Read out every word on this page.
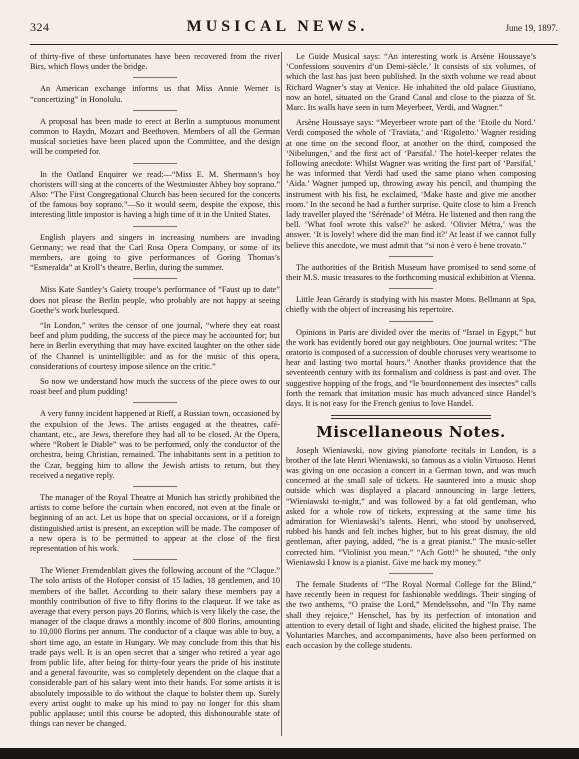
324	MUSICAL NEWS.	June 19, 1897.

of thirty-five of these unfortunates have been recovered from the river Birs, which flows under the bridge.

An American exchange informs us that Miss Annie Werner is “concertizing” in Honolulu.

A proposal has been made to erect at Berlin a sumptuous monument common to Haydn, Mozart and Beethoven. Members of all the German musical societies have been placed upon the Committee, and the design will be competed for.

In the Oatland Enquirer we read:—“Miss E. M. Shermann’s boy choristers will sing at the concerts of the Westminster Abbey boy soprano.” Also: “The First Congregational Church has been secured for the concerts of the famous boy soprano.”—So it would seem, despite the expose, this interesting little impostor is having a high time of it in the United States.

English players and singers in increasing numbers are invading Germany; we read that the Carl Rosa Opera Company, or some of its members, are going to give performances of Goring Thomas’s “Esmeralda” at Kroll’s theatre, Berlin, during the summer.

Miss Kate Santley’s Gaiety troupe’s performance of “Faust up to date” does not please the Berlin people, who probably are not happy at seeing Goethe’s work burlesqued.

“In London,” writes the censor of one journal, “where they eat roast beef and plum pudding, the success of the piece may be accounted for; but here in Berlin everything that may have excited laughter on the other side of the Channel is unintelligible: and as for the music of this opera, considerations of courtesy impose silence on the critic.”

So now we understand how much the success of the piece owes to our roast beef and plum pudding!

A very funny incident happened at Rieff, a Russian town, occasioned by the expulsion of the Jews. The artists engaged at the theatres, café-chantant, etc., are Jews, therefore they had all to be closed. At the Opera, where “Robert le Diable” was to be performed, only the conductor of the orchestra, being Christian, remained. The inhabitants sent in a petition to the Czar, begging him to allow the Jewish artists to return, but they received a negative reply.

The manager of the Royal Theatre at Munich has strictly prohibited the artists to come before the curtain when encored, not even at the finale or beginning of an act. Let us hope that on special occasions, or if a foreign distinguished artist is present, an exception will be made. The composer of a new opera is to be permitted to appear at the close of the first representation of his work.

The Wiener Fremdenblatt gives the following account of the “Claque.” The solo artists of the Hofoper consist of 15 ladies, 18 gentlemen, and 10 members of the ballet. According to their salary these members pay a monthly contribution of five to fifty florins to the claqueur. If we take as average that every person pays 20 florins, which is very likely the case, the manager of the claque draws a monthly income of 800 florins, amounting to 10,000 florins per annum. The conductor of a claque was able to buy, a short time ago, an estate in Hungary. We may conclude from this that his trade pays well. It is an open secret that a singer who retired a year ago from public life, after being for thirty-four years the pride of his institute and a general favourite, was so completely dependent on the claque that a considerable part of his salary went into their hands. For some artists it is absolutely impossible to do without the claque to bolster them up. Surely every artist ought to make up his mind to pay no longer for this sham public applause; until this course be adopted, this dishonourable state of things can never be changed.

Le Guide Musical says: “An interesting work is Arsène Houssaye’s ‘Confessions souvenirs d’un Demi-siècle.’ It consists of six volumes, of which the last has just been published. In the sixth volume we read about Richard Wagner’s stay at Venice. He inhabited the old palace Giustiano, now an hotel, situated on the Grand Canal and close to the piazza of St. Marc. Its walls have seen in turn Meyerbeer, Verdi, and Wagner.”

Arsène Houssaye says: “Meyerbeer wrote part of the ‘Etoile du Nord.’ Verdi composed the whole of ‘Traviata,’ and ‘Rigoletto.’ Wagner residing at one time on the second floor, at another on the third, composed the ‘Nibelungen,’ and the first act of ‘Parsifal.’ The hotel-keeper relates the following anecdote: Whilst Wagner was writing the first part of ‘Parsifal,’ he was informed that Verdi had used the same piano when composing ‘Aida.’ Wagner jumped up, throwing away his pencil, and thumping the instrument with his fist, he exclaimed, ‘Make haste and give me another room.’ In the second he had a further surprise. Quite close to him a French lady traveller played the ‘Sérénade’ of Métra. He listened and then rang the bell. ‘What fool wrote this valse?’ he asked. ‘Olivier Métra,’ was the answer. ‘It is lovely! where did the man find it?’ At least if we cannot fully believe this anecdote, we must admit that “si non è vero è bene trovato.”

The authorities of the British Museum have promised to send some of their M.S. music treasures to the forthcoming musical exhibition at Vienna.

Little Jean Gérardy is studying with his master Mons. Bellmann at Spa, chiefly with the object of increasing his repertoire.

Opinions in Paris are divided over the merits of “Israel in Egypt,” but the work has evidently bored our gay neighbours. One journal writes: “The oratorio is composed of a succession of double choruses very wearisome to hear and lasting two mortal hours.” Another thanks providence that the seventeenth century with its formalism and coldness is past and over. The suggestive hopping of the frogs, and “le bourdonnement des insectes” calls forth the remark that imitation music has much advanced since Handel’s days. It is not easy for the French genius to love Handel.

Miscellaneous Notes.

Joseph Wieniawski, now giving pianoforte recitals in London, is a brother of the late Henri Wieniawski, so famous as a violin Virtuoso. Henri was giving on one occasion a concert in a German town, and was much concerned at the small sale of tickets. He sauntered into a music shop outside which was displayed a placard announcing in large letters, “Wieniawski to-night,” and was followed by a fat old gentleman, who asked for a whole row of tickets, expressing at the same time his admiration for Wieniawski’s talents. Henri, who stood by unobserved, rubbed his hands and felt inches higher, but to his great dismay, the old gentleman, after paying, added, “he is a great pianist.” The music-seller corrected him. “Violinist you mean.” “Ach Gott!” he shouted, “the only Wieniawski I know is a pianist. Give me back my money.”

The female Students of “The Royal Normal College for the Blind,” have recently been in request for fashionable weddings. Their singing of the two anthems, “O praise the Lord,” Mendelssohn, and “In Thy name shall they rejoice,” Henschel, has by its perfection of intonation and attention to every detail of light and shade, elicited the highest praise. The Voluntaries Marches, and accompaniments, have also been performed on each occasion by the college students.
